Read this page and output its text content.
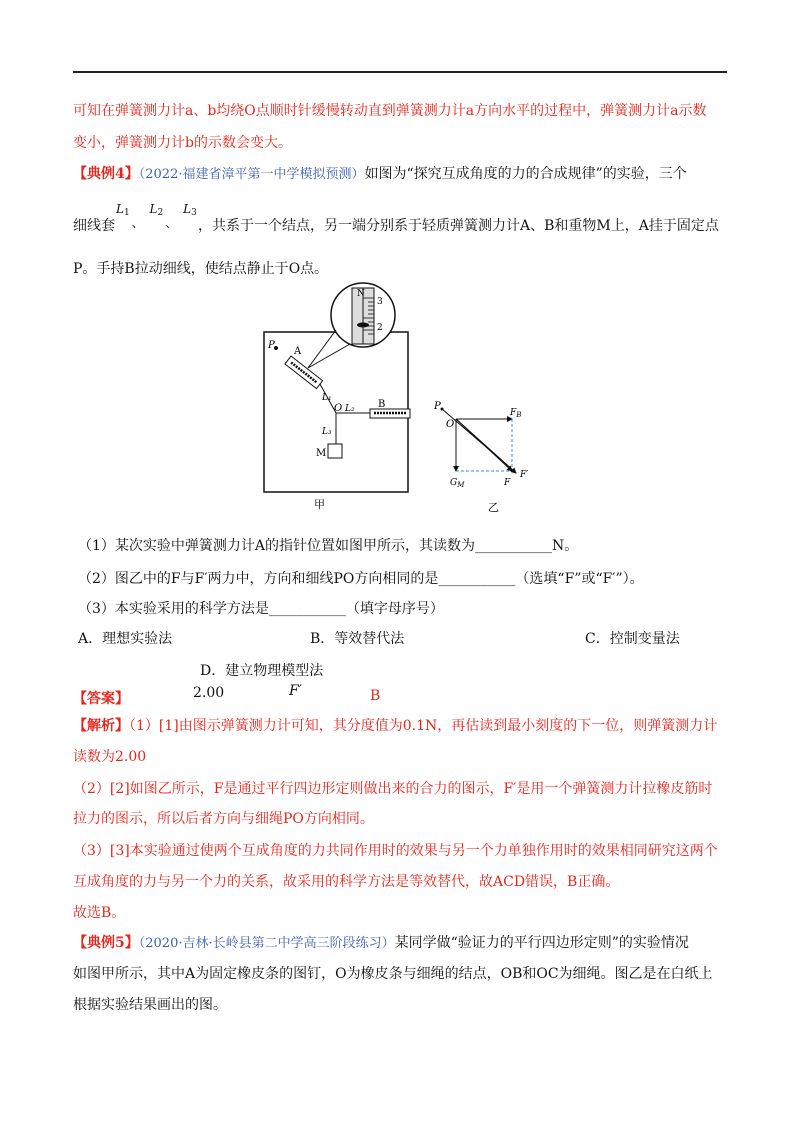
可知在弹簧测力计a、b均绕O点顺时针缓慢转动直到弹簧测力计a方向水平的过程中，弹簧测力计a示数
变小，弹簧测力计b的示数会变大。
【典例4】（2022·福建省漳平第一中学模拟预测）如图为“探究互成角度的力的合成规律”的实验，三个
细线套
$L_1$、 $L_2$、 $L_3$
，共系于一个结点，另一端分别系于轻质弹簧测力计A、B和重物M上，A挂于固定点
P。手持B拉动细线，使结点静止于O点。
N
3
2
P
A
L₁
O L₂ B
L₃
M
甲
P
O
$F_B$
$G_M$	F
F′
乙
（1）某次实验中弹簧测力计A的指针位置如图甲所示，其读数为___________N。
（2）图乙中的F与F′两力中，方向和细线PO方向相同的是___________（选填“F”或“F′”）。
（3）本实验采用的科学方法是___________（填字母序号）
A．理想实验法	B．等效替代法	C．控制变量法
D．建立物理模型法
【答案】	2.00	F′	B
【解析】（1）[1]由图示弹簧测力计可知，其分度值为0.1N，再估读到最小刻度的下一位，则弹簧测力计
读数为2.00
（2）[2]如图乙所示，F是通过平行四边形定则做出来的合力的图示，F′是用一个弹簧测力计拉橡皮筋时
拉力的图示，所以后者方向与细绳PO方向相同。
（3）[3]本实验通过使两个互成角度的力共同作用时的效果与另一个力单独作用时的效果相同研究这两个
互成角度的力与另一个力的关系，故采用的科学方法是等效替代，故ACD错误，B正确。
故选B。
【典例5】（2020·吉林·长岭县第二中学高三阶段练习）某同学做“验证力的平行四边形定则”的实验情况
如图甲所示，其中A为固定橡皮条的图钉，O为橡皮条与细绳的结点，OB和OC为细绳。图乙是在白纸上
根据实验结果画出的图。
